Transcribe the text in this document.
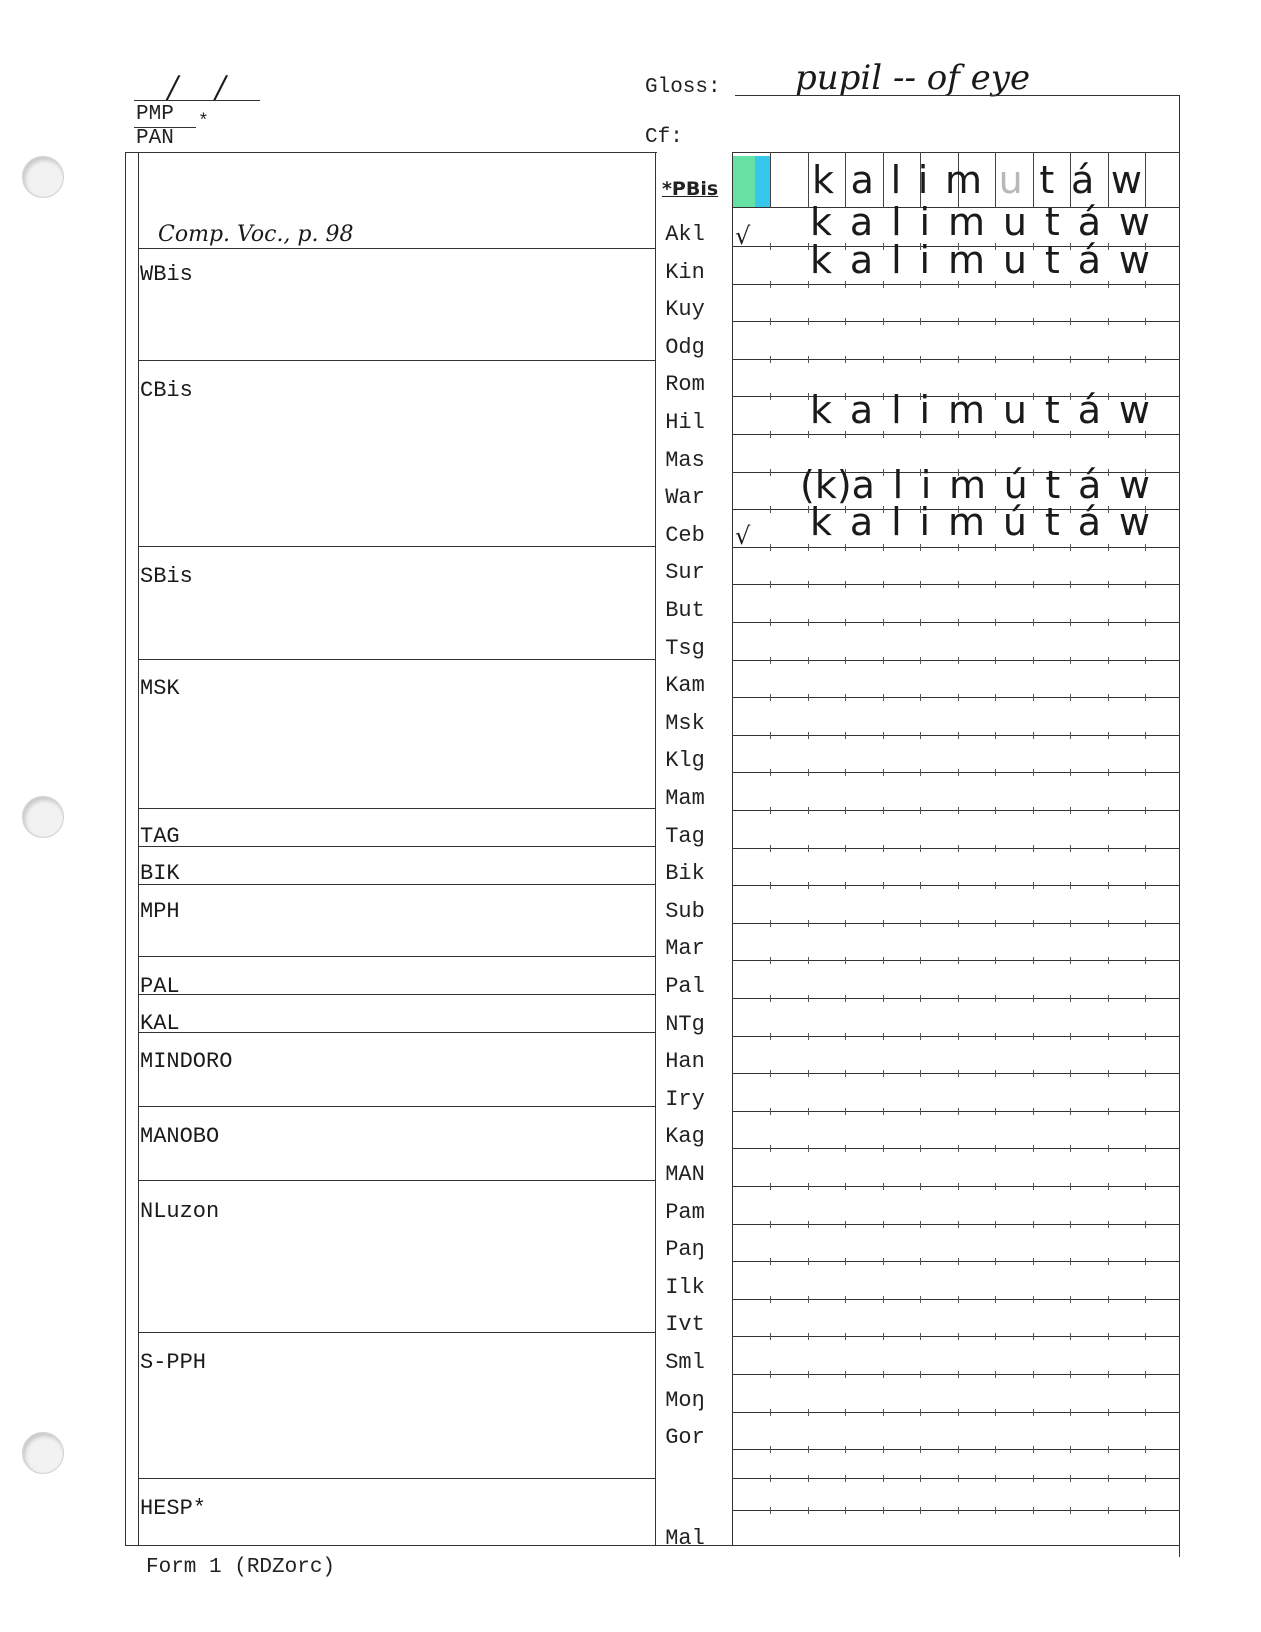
/ /
PMP *
PAN
Gloss: pupil -- of eye
Cf:
Comp. Voc., p. 98
WBis
CBis
SBis
MSK
TAG
BIK
MPH
PAL
KAL
MINDORO
MANOBO
NLuzon
S-PPH
HESP*
*PBis k a l i m u t á w
Akl
Kin
Kuy
Odg
Rom
Hil
Mas
War
Ceb
Sur
But
Tsg
Kam
Msk
Klg
Mam
Tag
Bik
Sub
Mar
Pal
NTg
Han
Iry
Kag
MAN
Pam
Paŋ
Ilk
Ivt
Sml
Moŋ
Gor
Mal
√ k a l i m u t á w
k a l i m u t á w
k a l i m u t á w
(k)a l i m ú t á w
√ k a l i m ú t á w
Form 1 (RDZorc)
